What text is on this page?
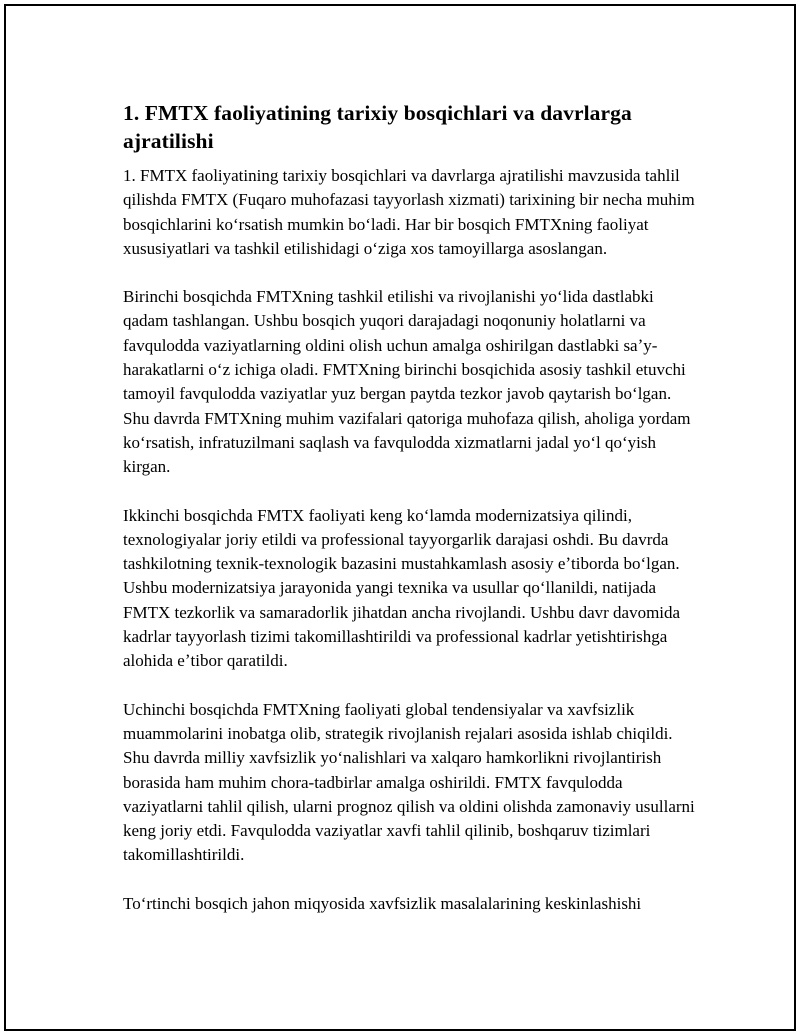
1. FMTX faoliyatining tarixiy bosqichlari va davrlarga ajratilishi

1. FMTX faoliyatining tarixiy bosqichlari va davrlarga ajratilishi mavzusida tahlil qilishda FMTX (Fuqaro muhofazasi tayyorlash xizmati) tarixining bir necha muhim bosqichlarini koʻrsatish mumkin boʻladi. Har bir bosqich FMTXning faoliyat xususiyatlari va tashkil etilishidagi oʻziga xos tamoyillarga asoslangan.

Birinchi bosqichda FMTXning tashkil etilishi va rivojlanishi yoʻlida dastlabki qadam tashlangan. Ushbu bosqich yuqori darajadagi noqonuniy holatlarni va favqulodda vaziyatlarning oldini olish uchun amalga oshirilgan dastlabki saʼy-harakatlarni oʻz ichiga oladi. FMTXning birinchi bosqichida asosiy tashkil etuvchi tamoyil favqulodda vaziyatlar yuz bergan paytda tezkor javob qaytarish boʻlgan. Shu davrda FMTXning muhim vazifalari qatoriga muhofaza qilish, aholiga yordam koʻrsatish, infratuzilmani saqlash va favqulodda xizmatlarni jadal yoʻl qoʻyish kirgan.

Ikkinchi bosqichda FMTX faoliyati keng koʻlamda modernizatsiya qilindi, texnologiyalar joriy etildi va professional tayyorgarlik darajasi oshdi. Bu davrda tashkilotning texnik-texnologik bazasini mustahkamlash asosiy eʼtiborda boʻlgan. Ushbu modernizatsiya jarayonida yangi texnika va usullar qoʻllanildi, natijada FMTX tezkorlik va samaradorlik jihatdan ancha rivojlandi. Ushbu davr davomida kadrlar tayyorlash tizimi takomillashtirildi va professional kadrlar yetishtirishga alohida eʼtibor qaratildi.

Uchinchi bosqichda FMTXning faoliyati global tendensiyalar va xavfsizlik muammolarini inobatga olib, strategik rivojlanish rejalari asosida ishlab chiqildi. Shu davrda milliy xavfsizlik yoʻnalishlari va xalqaro hamkorlikni rivojlantirish borasida ham muhim chora-tadbirlar amalga oshirildi. FMTX favqulodda vaziyatlarni tahlil qilish, ularni prognoz qilish va oldini olishda zamonaviy usullarni keng joriy etdi. Favqulodda vaziyatlar xavfi tahlil qilinib, boshqaruv tizimlari takomillashtirildi.

Toʻrtinchi bosqich jahon miqyosida xavfsizlik masalalarining keskinlashishi
